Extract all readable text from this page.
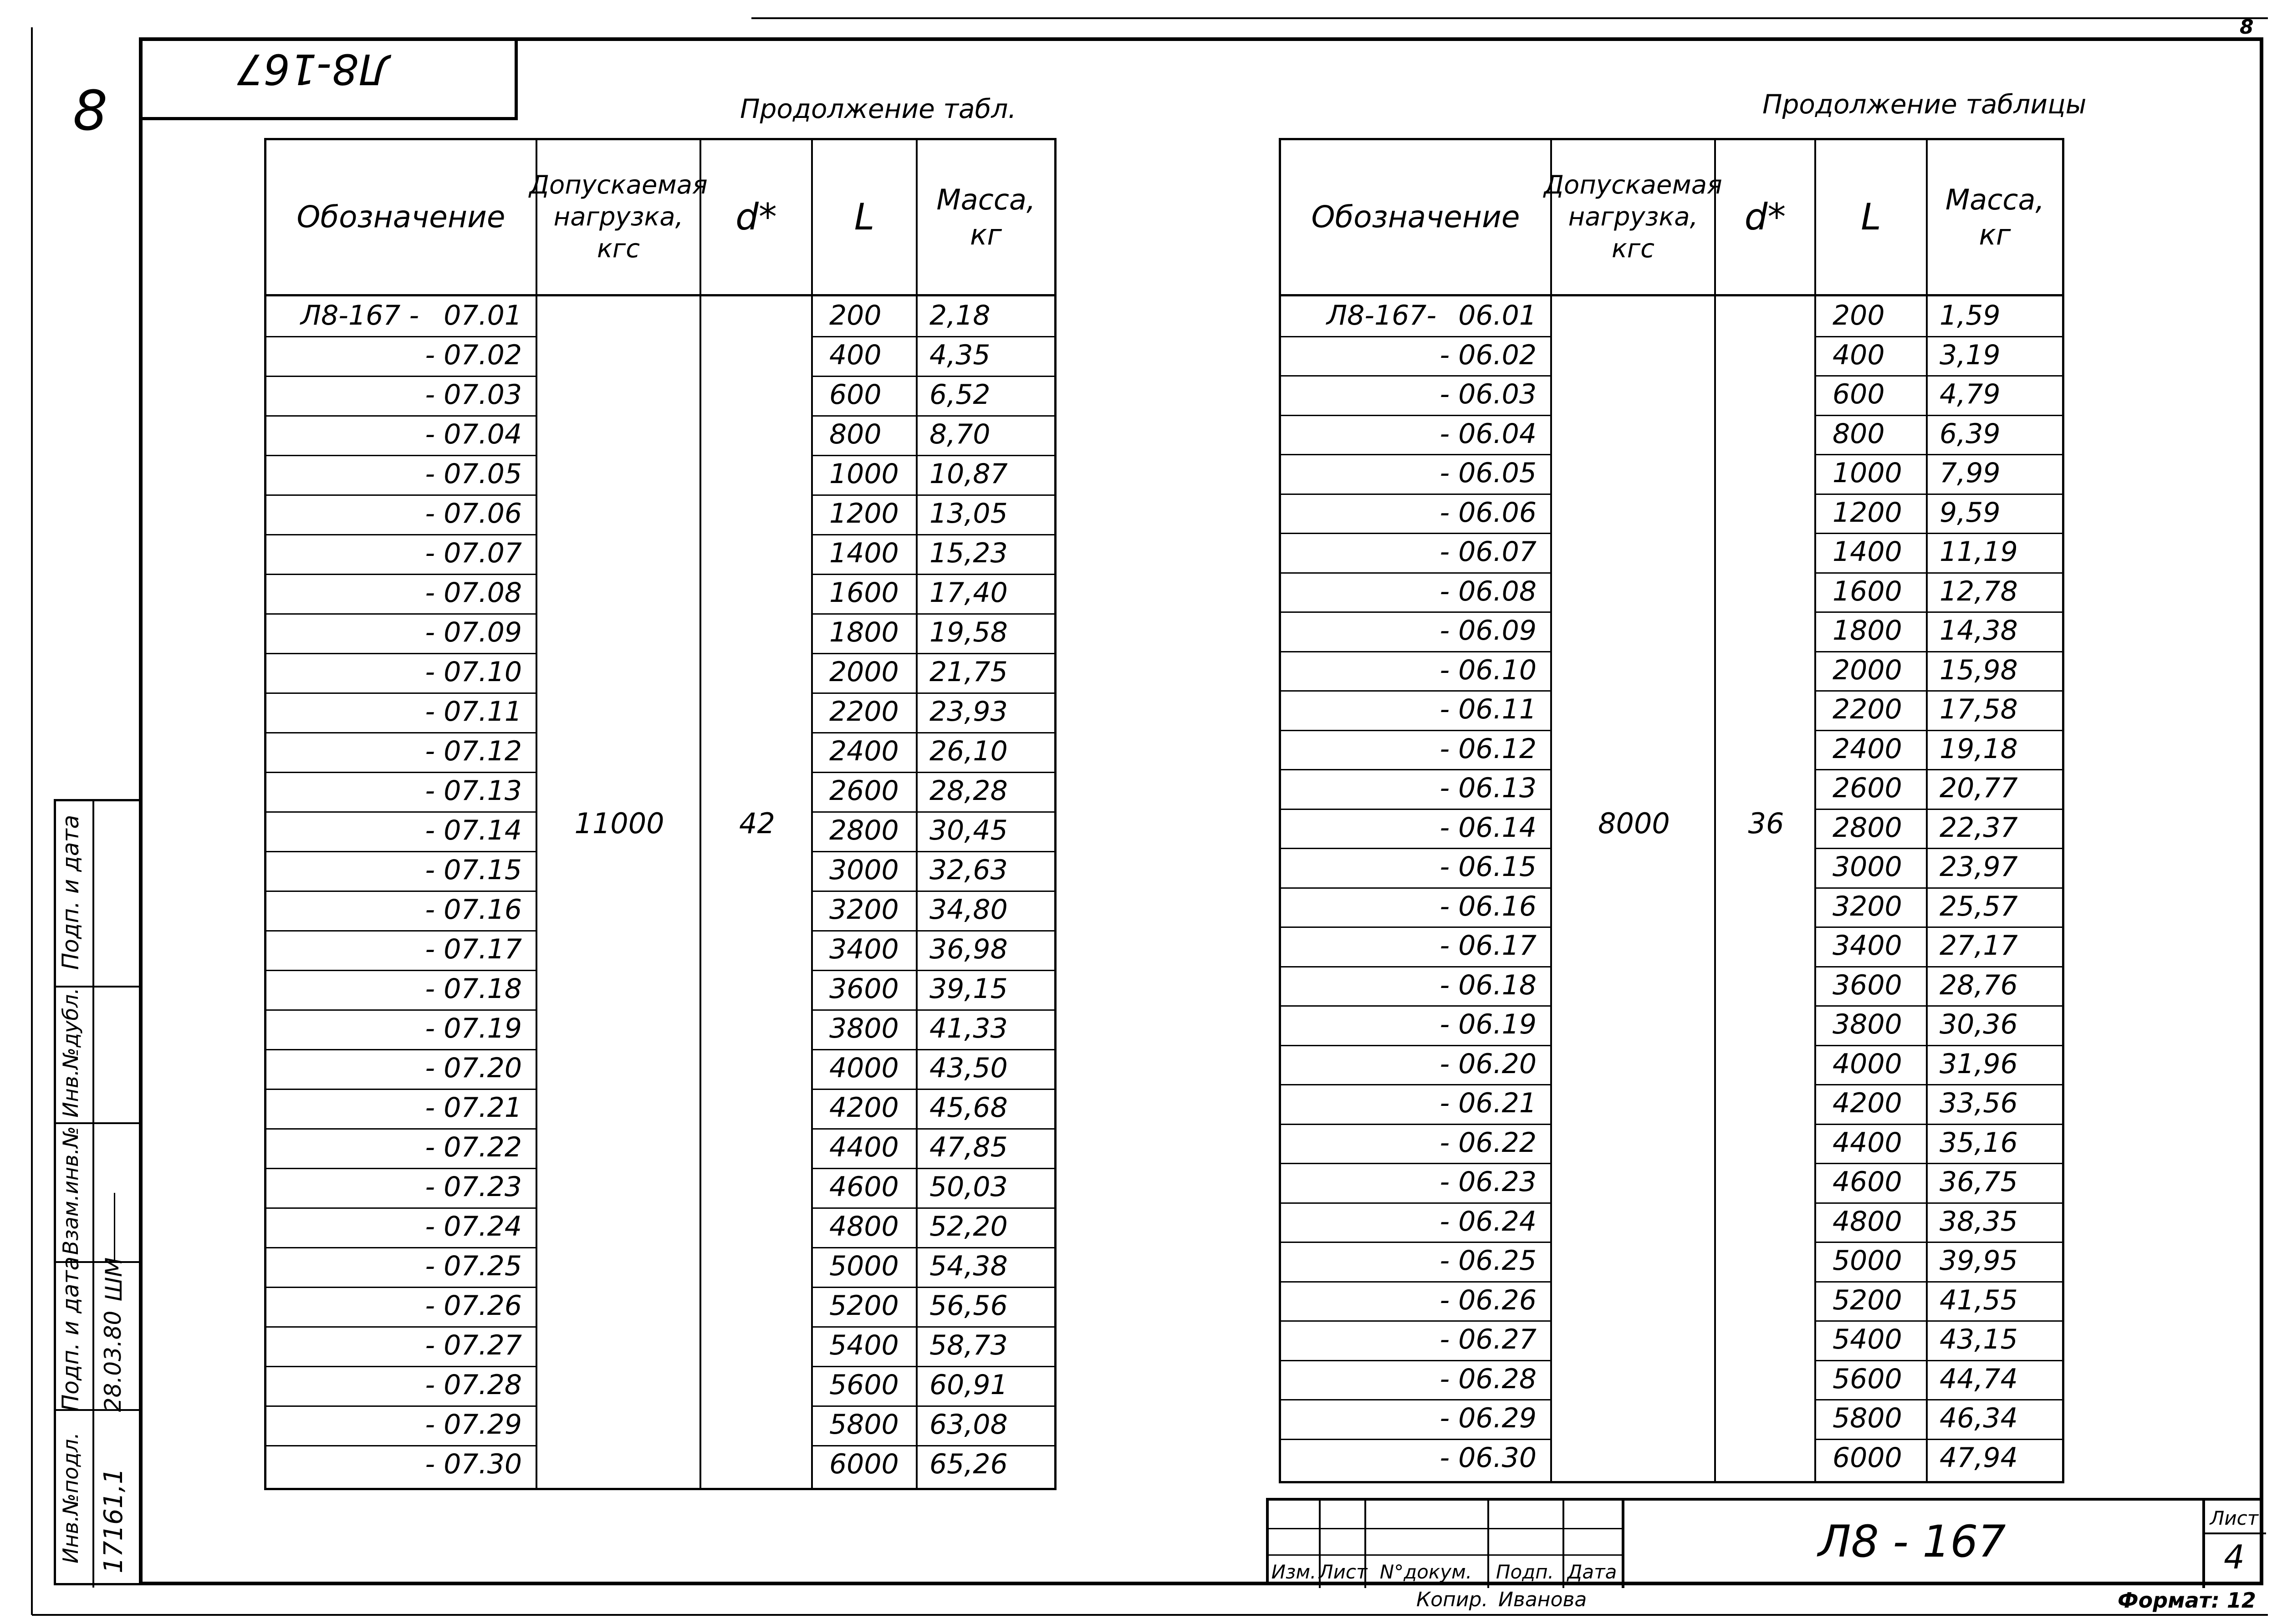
Л8-167
8
8
Продолжение табл.	Продолжение таблицы
Обозначение
Допускаемая
нагрузка,
кгс
d* L Масса,
кг
11000	42
Л8-167 - 07.01	200 2,18
- 07.02	400 4,35
- 07.03	600 6,52
- 07.04	800 8,70
- 07.05	1000 10,87
- 07.06	1200 13,05
- 07.07	1400 15,23
- 07.08	1600 17,40
- 07.09	1800 19,58
- 07.10	2000 21,75
- 07.11	2200 23,93
- 07.12	2400 26,10
- 07.13	2600 28,28
- 07.14	2800 30,45
- 07.15	3000 32,63
- 07.16	3200 34,80
- 07.17	3400 36,98
- 07.18	3600 39,15
- 07.19	3800 41,33
- 07.20	4000 43,50
- 07.21	4200 45,68
- 07.22	4400 47,85
- 07.23	4600 50,03
- 07.24	4800 52,20
- 07.25	5000 54,38
- 07.26	5200 56,56
- 07.27	5400 58,73
- 07.28	5600 60,91
- 07.29	5800 63,08
- 07.30	6000 65,26
Обозначение
Допускаемая
нагрузка,
кгс
d* L Масса,
кг
8000	36
Л8-167- 06.01	200 1,59
- 06.02	400 3,19
- 06.03	600 4,79
- 06.04	800 6,39
- 06.05	1000 7,99
- 06.06	1200 9,59
- 06.07	1400 11,19
- 06.08	1600 12,78
- 06.09	1800 14,38
- 06.10	2000 15,98
- 06.11	2200 17,58
- 06.12	2400 19,18
- 06.13	2600 20,77
- 06.14	2800 22,37
- 06.15	3000 23,97
- 06.16	3200 25,57
- 06.17	3400 27,17
- 06.18	3600 28,76
- 06.19	3800 30,36
- 06.20	4000 31,96
- 06.21	4200 33,56
- 06.22	4400 35,16
- 06.23	4600 36,75
- 06.24	4800 38,35
- 06.25	5000 39,95
- 06.26	5200 41,55
- 06.27	5400 43,15
- 06.28	5600 44,74
- 06.29	5800 46,34
- 06.30	6000 47,94
Подп. и дата
Инв.№дубл.
Взам.инв.№
Подп. и дата
Инв.№подл.
28.03.80
ШМ
17161,1	Изм. Лист N°докум.	Подп. Дата
Л8 - 167	Лист
4
Копир. Иванова	Формат: 12
